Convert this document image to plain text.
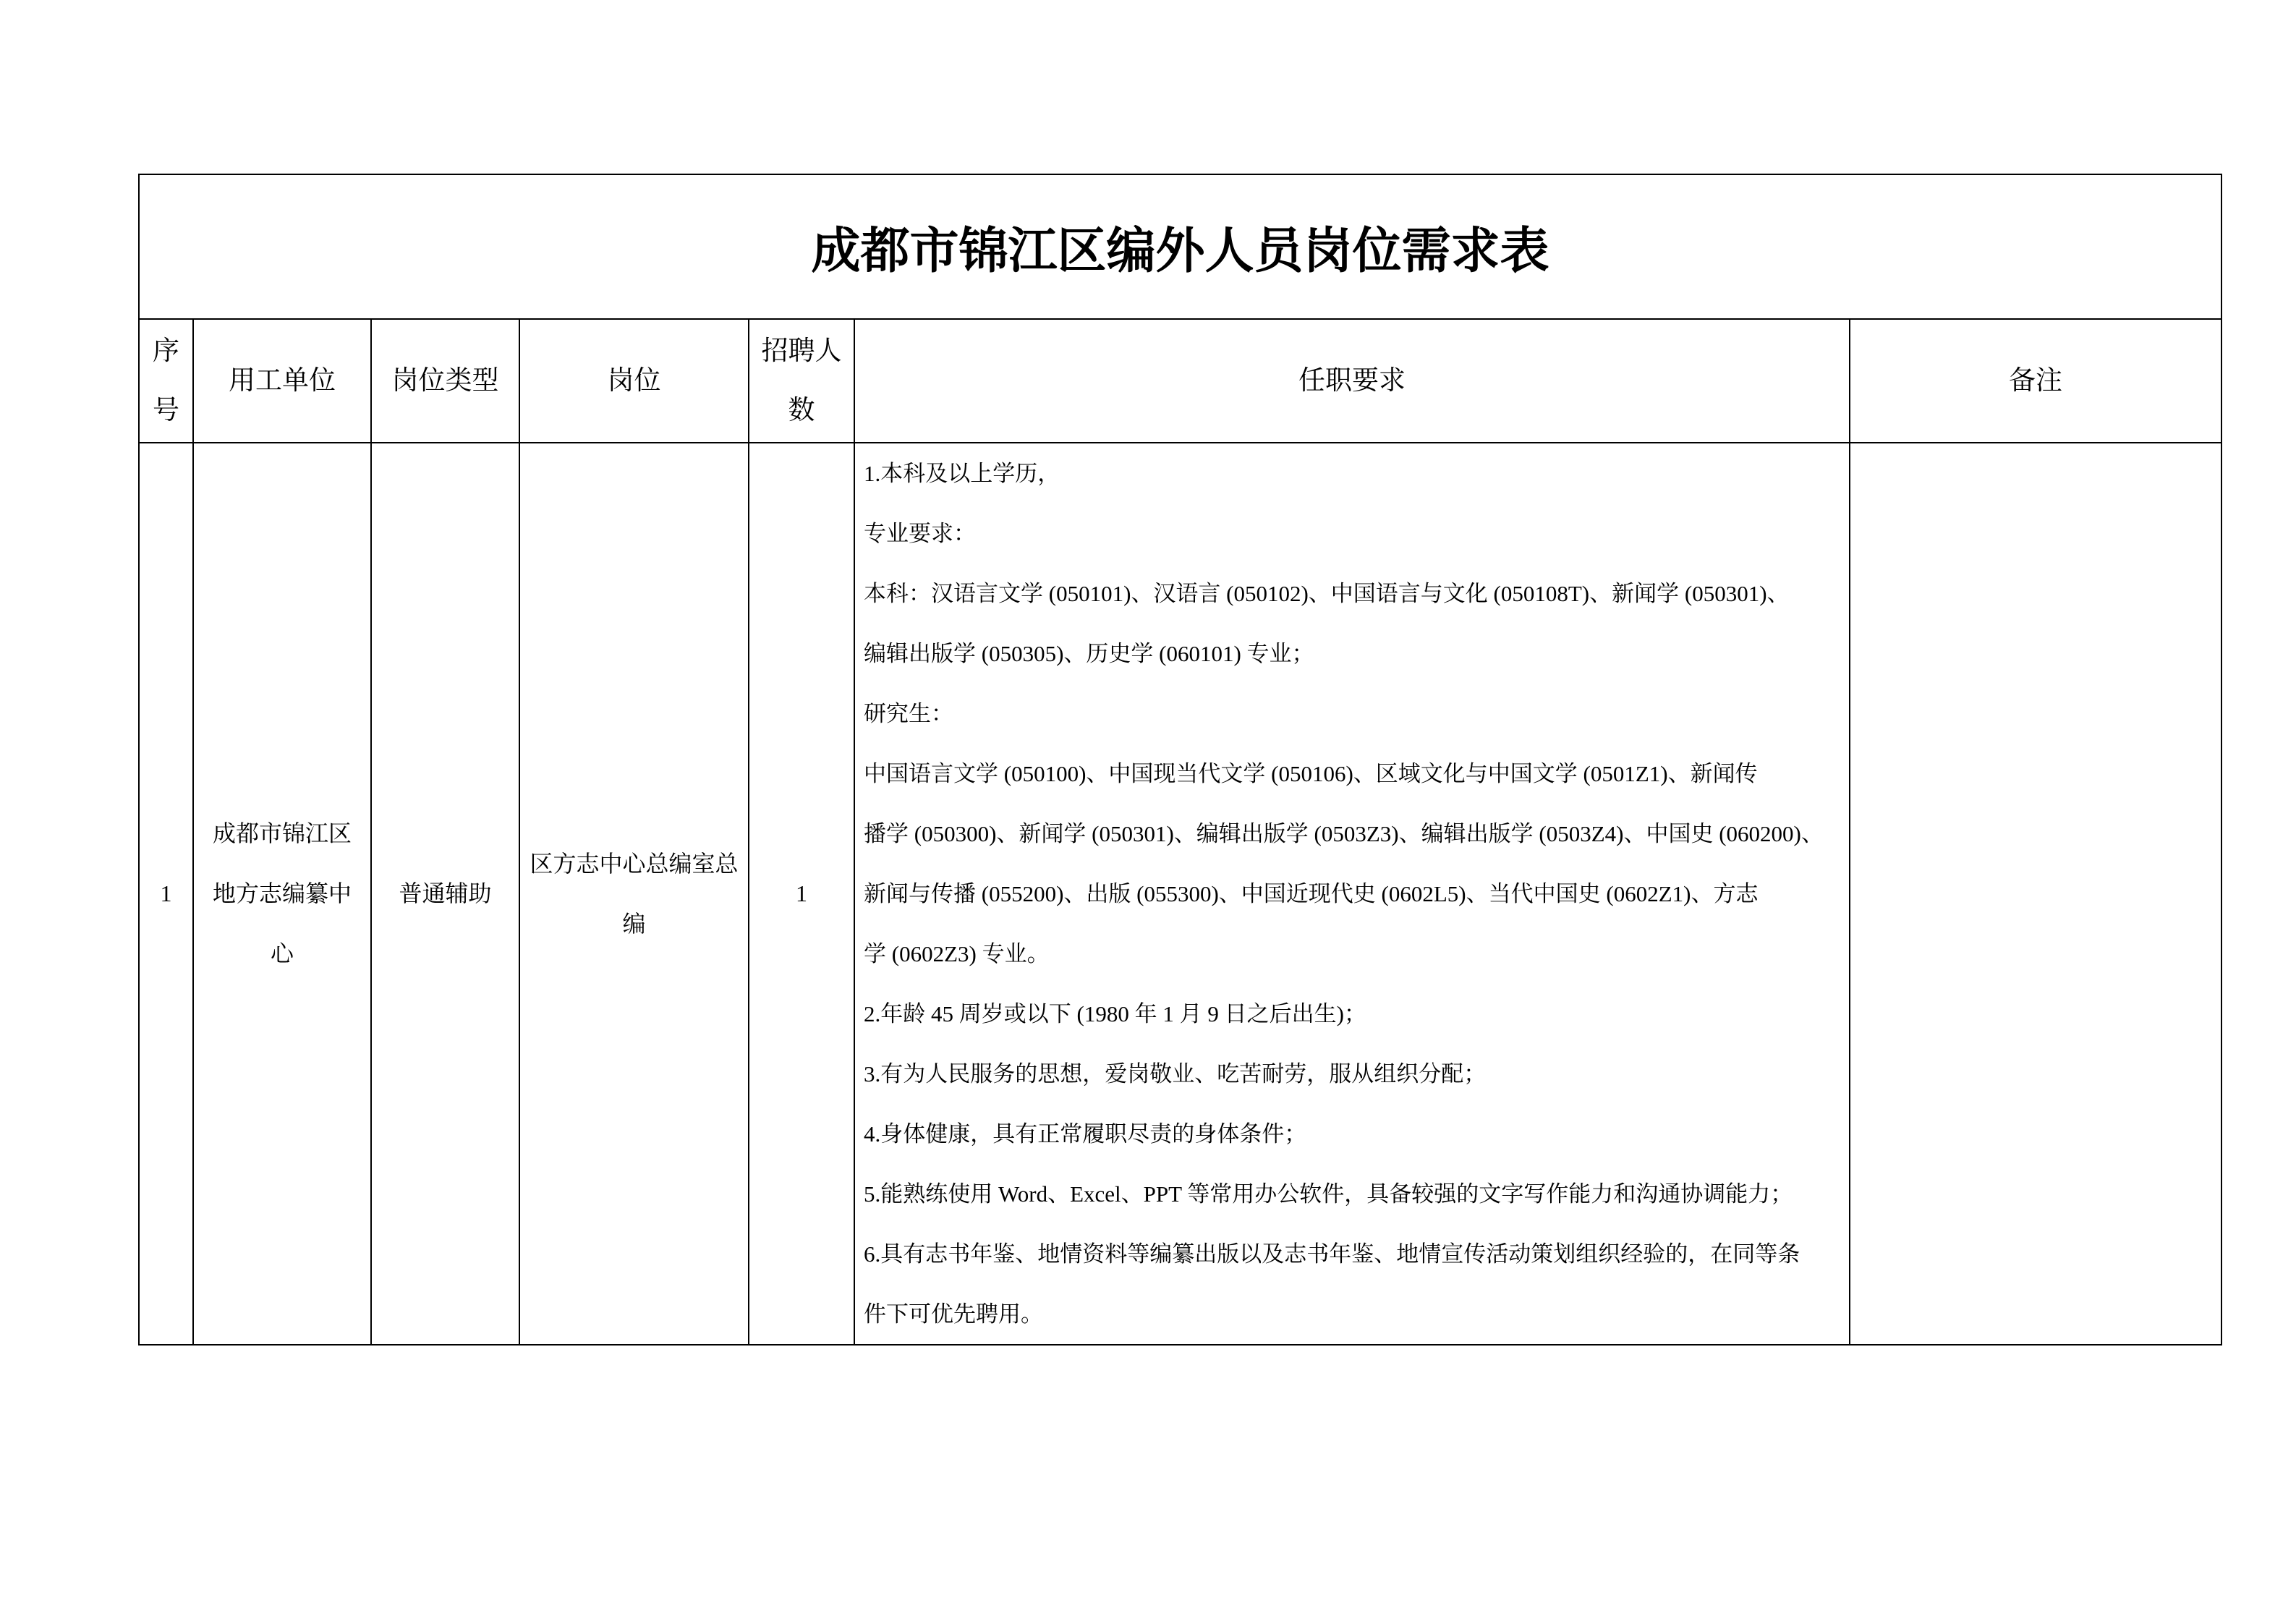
成都市锦江区编外人员岗位需求表
序
号
用工单位 岗位类型	岗位
招聘人
数
任职要求	备注
1
成都市锦江区
地方志编纂中
心
普通辅助
区方志中心总编室总
编
1
1.本科及以上学历，
专业要求：
本科：汉语言文学 (050101)、汉语言 (050102)、中国语言与文化 (050108T)、新闻学 (050301)、
编辑出版学 (050305)、历史学 (060101) 专业；
研究生：
中国语言文学 (050100)、中国现当代文学 (050106)、区域文化与中国文学 (0501Z1)、新闻传
播学 (050300)、新闻学 (050301)、编辑出版学 (0503Z3)、编辑出版学 (0503Z4)、中国史 (060200)、
新闻与传播 (055200)、出版 (055300)、中国近现代史 (0602L5)、当代中国史 (0602Z1)、方志
学 (0602Z3) 专业。
2.年龄 45 周岁或以下 (1980 年 1 月 9 日之后出生)；
3.有为人民服务的思想，爱岗敬业、吃苦耐劳，服从组织分配；
4.身体健康，具有正常履职尽责的身体条件；
5.能熟练使用 Word、Excel、PPT 等常用办公软件，具备较强的文字写作能力和沟通协调能力；
6.具有志书年鉴、地情资料等编纂出版以及志书年鉴、地情宣传活动策划组织经验的，在同等条
件下可优先聘用。
